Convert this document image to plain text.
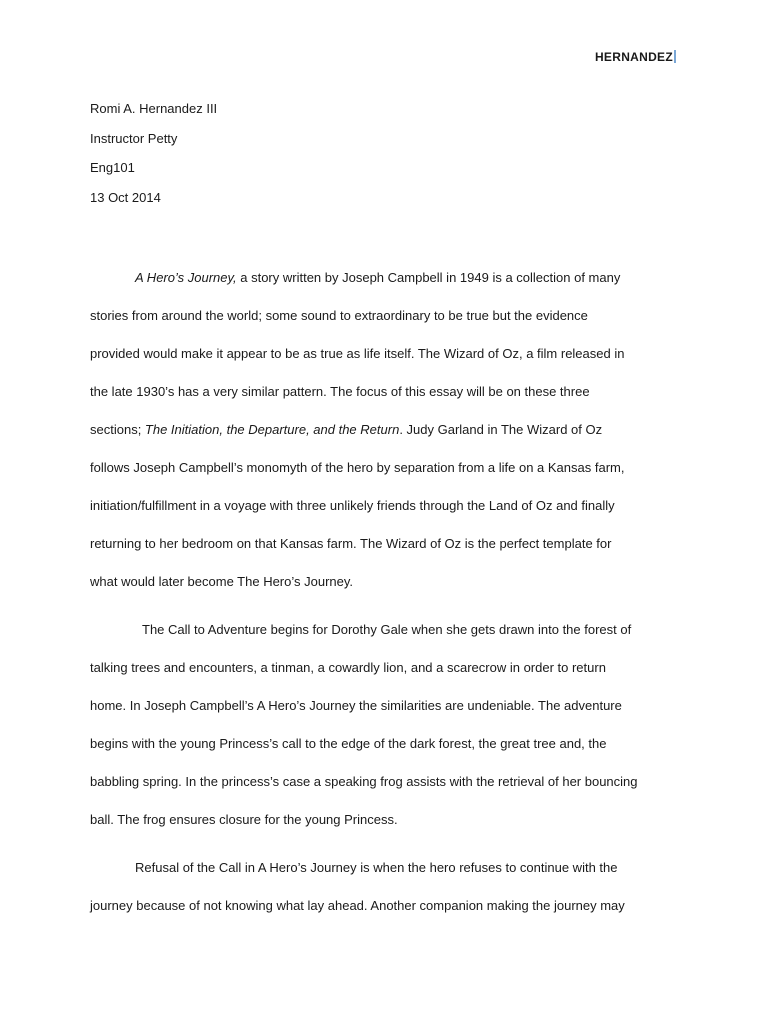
HERNANDEZ
Romi A. Hernandez III
Instructor Petty
Eng101
13 Oct 2014
A Hero’s Journey, a story written by Joseph Campbell in 1949 is a collection of many
stories from around the world; some sound to extraordinary to be true but the evidence
provided would make it appear to be as true as life itself. The Wizard of Oz, a film released in
the late 1930’s has a very similar pattern. The focus of this essay will be on these three
sections; The Initiation, the Departure, and the Return. Judy Garland in The Wizard of Oz
follows Joseph Campbell’s monomyth of the hero by separation from a life on a Kansas farm,
initiation/fulfillment in a voyage with three unlikely friends through the Land of Oz and finally
returning to her bedroom on that Kansas farm. The Wizard of Oz is the perfect template for
what would later become The Hero’s Journey.
The Call to Adventure begins for Dorothy Gale when she gets drawn into the forest of
talking trees and encounters, a tinman, a cowardly lion, and a scarecrow in order to return
home. In Joseph Campbell’s A Hero’s Journey the similarities are undeniable. The adventure
begins with the young Princess’s call to the edge of the dark forest, the great tree and, the
babbling spring. In the princess’s case a speaking frog assists with the retrieval of her bouncing
ball. The frog ensures closure for the young Princess.
Refusal of the Call in A Hero’s Journey is when the hero refuses to continue with the
journey because of not knowing what lay ahead. Another companion making the journey may
